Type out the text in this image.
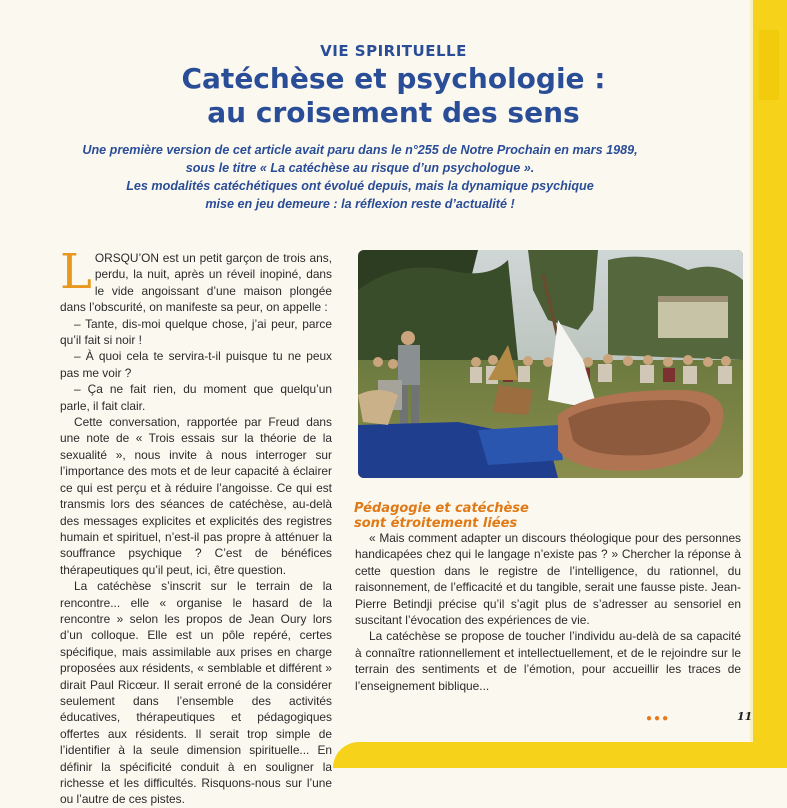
VIE SPIRITUELLE
Catéchèse et psychologie :
au croisement des sens
Une première version de cet article avait paru dans le n°255 de Notre Prochain en mars 1989,
sous le titre « La catéchèse au risque d’un psychologue ».
Les modalités catéchétiques ont évolué depuis, mais la dynamique psychique
mise en jeu demeure : la réflexion reste d’actualité !

LORSQU’ON est un petit garçon de trois ans, perdu, la nuit, après un réveil inopiné, dans le vide angoissant d’une maison plongée dans l’obscurité, on manifeste sa peur, on appelle :

– Tante, dis-moi quelque chose, j’ai peur, parce qu’il fait si noir !

– À quoi cela te servira-t-il puisque tu ne peux pas me voir ?

– Ça ne fait rien, du moment que quelqu’un parle, il fait clair.

Cette conversation, rapportée par Freud dans une note de « Trois essais sur la théorie de la sexualité », nous invite à nous interroger sur l’importance des mots et de leur capacité à éclairer ce qui est perçu et à réduire l’angoisse. Ce qui est transmis lors des séances de catéchèse, au-delà des messages explicites et explicités des registres humain et spirituel, n’est-il pas propre à atténuer la souffrance psychique ? C’est de bénéfices thérapeutiques qu’il peut, ici, être question.

La catéchèse s’inscrit sur le terrain de la rencontre... elle « organise le hasard de la rencontre » selon les propos de Jean Oury lors d’un colloque. Elle est un pôle repéré, certes spécifique, mais assimilable aux prises en charge proposées aux résidents, « semblable et différent » dirait Paul Ricœur. Il serait erroné de la considérer seulement dans l’ensemble des activités éducatives, thérapeutiques et pédagogiques offertes aux résidents. Il serait trop simple de l’identifier à la seule dimension spirituelle... En définir la spécificité conduit à en souligner la richesse et les difficultés. Risquons-nous sur l’une ou l’autre de ces pistes.

Pédagogie et catéchèse
sont étroitement liées

« Mais comment adapter un discours théologique pour des personnes handicapées chez qui le langage n’existe pas ? » Chercher la réponse à cette question dans le registre de l’intelligence, du rationnel, du raisonnement, de l’efficacité et du tangible, serait une fausse piste. Jean-Pierre Betindji précise qu’il s’agit plus de s’adresser au sensoriel en suscitant l’évocation des expériences de vie.

La catéchèse se propose de toucher l’individu au-delà de sa capacité à connaître rationnellement et intellectuellement, et de le rejoindre sur le terrain des sentiments et de l’émotion, pour accueillir les traces de l’enseignement biblique...

●●●	11
